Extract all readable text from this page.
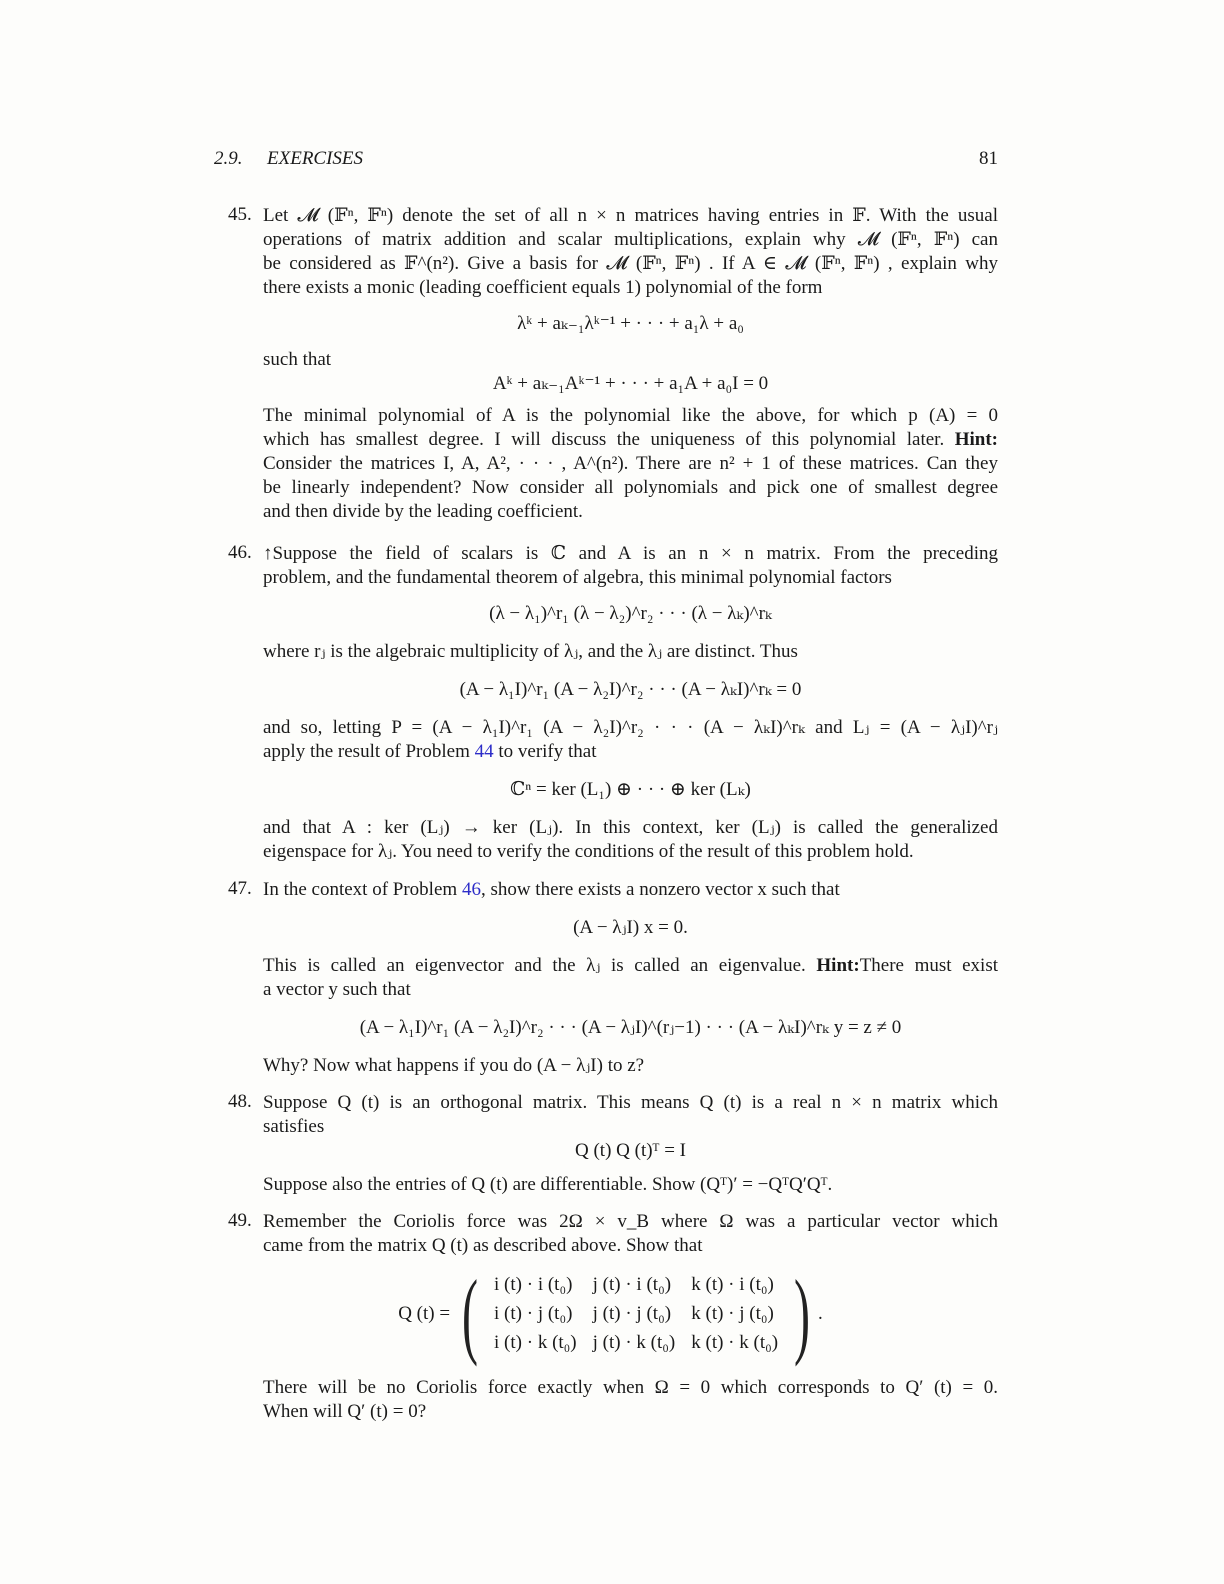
2.9. EXERCISES	81
45. Let 𝓜 (𝔽ⁿ, 𝔽ⁿ) denote the set of all n × n matrices having entries in 𝔽. With the usual
operations of matrix addition and scalar multiplications, explain why 𝓜 (𝔽ⁿ, 𝔽ⁿ) can
be considered as 𝔽^(n²). Give a basis for 𝓜 (𝔽ⁿ, 𝔽ⁿ) . If A ∈ 𝓜 (𝔽ⁿ, 𝔽ⁿ) , explain why
there exists a monic (leading coefficient equals 1) polynomial of the form
λᵏ + aₖ₋₁λᵏ⁻¹ + · · · + a₁λ + a₀
such that
Aᵏ + aₖ₋₁Aᵏ⁻¹ + · · · + a₁A + a₀I = 0
The minimal polynomial of A is the polynomial like the above, for which p (A) = 0
which has smallest degree. I will discuss the uniqueness of this polynomial later. Hint:
Consider the matrices I, A, A², · · · , A^(n²). There are n² + 1 of these matrices. Can they
be linearly independent? Now consider all polynomials and pick one of smallest degree
and then divide by the leading coefficient.
46. ↑Suppose the field of scalars is ℂ and A is an n × n matrix. From the preceding
problem, and the fundamental theorem of algebra, this minimal polynomial factors
(λ − λ₁)^r₁ (λ − λ₂)^r₂ · · · (λ − λₖ)^rₖ
where rⱼ is the algebraic multiplicity of λⱼ, and the λⱼ are distinct. Thus
(A − λ₁I)^r₁ (A − λ₂I)^r₂ · · · (A − λₖI)^rₖ = 0
and so, letting P = (A − λ₁I)^r₁ (A − λ₂I)^r₂ · · · (A − λₖI)^rₖ and Lⱼ = (A − λⱼI)^rⱼ
apply the result of Problem 44 to verify that
ℂⁿ = ker (L₁) ⊕ · · · ⊕ ker (Lₖ)
and that A : ker (Lⱼ) → ker (Lⱼ). In this context, ker (Lⱼ) is called the generalized
eigenspace for λⱼ. You need to verify the conditions of the result of this problem hold.
47. In the context of Problem 46, show there exists a nonzero vector x such that
(A − λⱼI) x = 0.
This is called an eigenvector and the λⱼ is called an eigenvalue. Hint:There must exist
a vector y such that
(A − λ₁I)^r₁ (A − λ₂I)^r₂ · · · (A − λⱼI)^(rⱼ−1) · · · (A − λₖI)^rₖ y = z ≠ 0
Why? Now what happens if you do (A − λⱼI) to z?
48. Suppose Q (t) is an orthogonal matrix. This means Q (t) is a real n × n matrix which
satisfies
Q (t) Q (t)ᵀ = I
Suppose also the entries of Q (t) are differentiable. Show (Qᵀ)′ = −QᵀQ′Qᵀ.
49. Remember the Coriolis force was 2Ω × v_B where Ω was a particular vector which
came from the matrix Q (t) as described above. Show that
Q (t) = ( i (t) · i (t₀)	j (t) · i (t₀)	k (t) · i (t₀)
i (t) · j (t₀)	j (t) · j (t₀)	k (t) · j (t₀)
i (t) · k (t₀)	j (t) · k (t₀)	k (t) · k (t₀) ) .
There will be no Coriolis force exactly when Ω = 0 which corresponds to Q′ (t) = 0.
When will Q′ (t) = 0?
